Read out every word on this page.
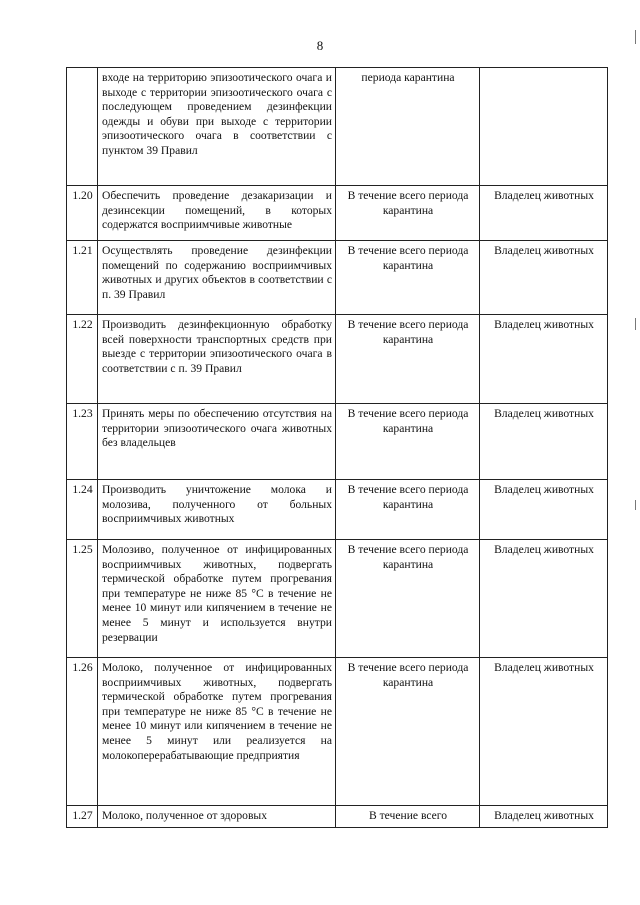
8
	входе на территорию эпизоотического очага и выходе с территории эпизоотического очага с последующем проведением дезинфекции одежды и обуви при выходе с территории эпизоотического очага в соответствии с пунктом 39 Правил	периода карантина	
1.20	Обеспечить проведение дезакаризации и дезинсекции помещений, в которых содержатся восприимчивые животные	В течение всего периода карантина	Владелец животных
1.21	Осуществлять проведение дезинфекции помещений по содержанию восприимчивых животных и других объектов в соответствии с п. 39 Правил	В течение всего периода карантина	Владелец животных
1.22	Производить дезинфекционную обработку всей поверхности транспортных средств при выезде с территории эпизоотического очага в соответствии с п. 39 Правил	В течение всего периода карантина	Владелец животных
1.23	Принять меры по обеспечению отсутствия на территории эпизоотического очага животных без владельцев	В течение всего периода карантина	Владелец животных
1.24	Производить уничтожение молока и молозива, полученного от больных восприимчивых животных	В течение всего периода карантина	Владелец животных
1.25	Молозиво, полученное от инфицированных восприимчивых животных, подвергать термической обработке путем прогревания при температуре не ниже 85 °С в течение не менее 10 минут или кипячением в течение не менее 5 минут и используется внутри резервации	В течение всего периода карантина	Владелец животных
1.26	Молоко, полученное от инфицированных восприимчивых животных, подвергать термической обработке путем прогревания при температуре не ниже 85 °С в течение не менее 10 минут или кипячением в течение не менее 5 минут или реализуется на молокоперерабатывающие предприятия	В течение всего периода карантина	Владелец животных
1.27	Молоко, полученное от здоровых	В течение всего	Владелец животных
